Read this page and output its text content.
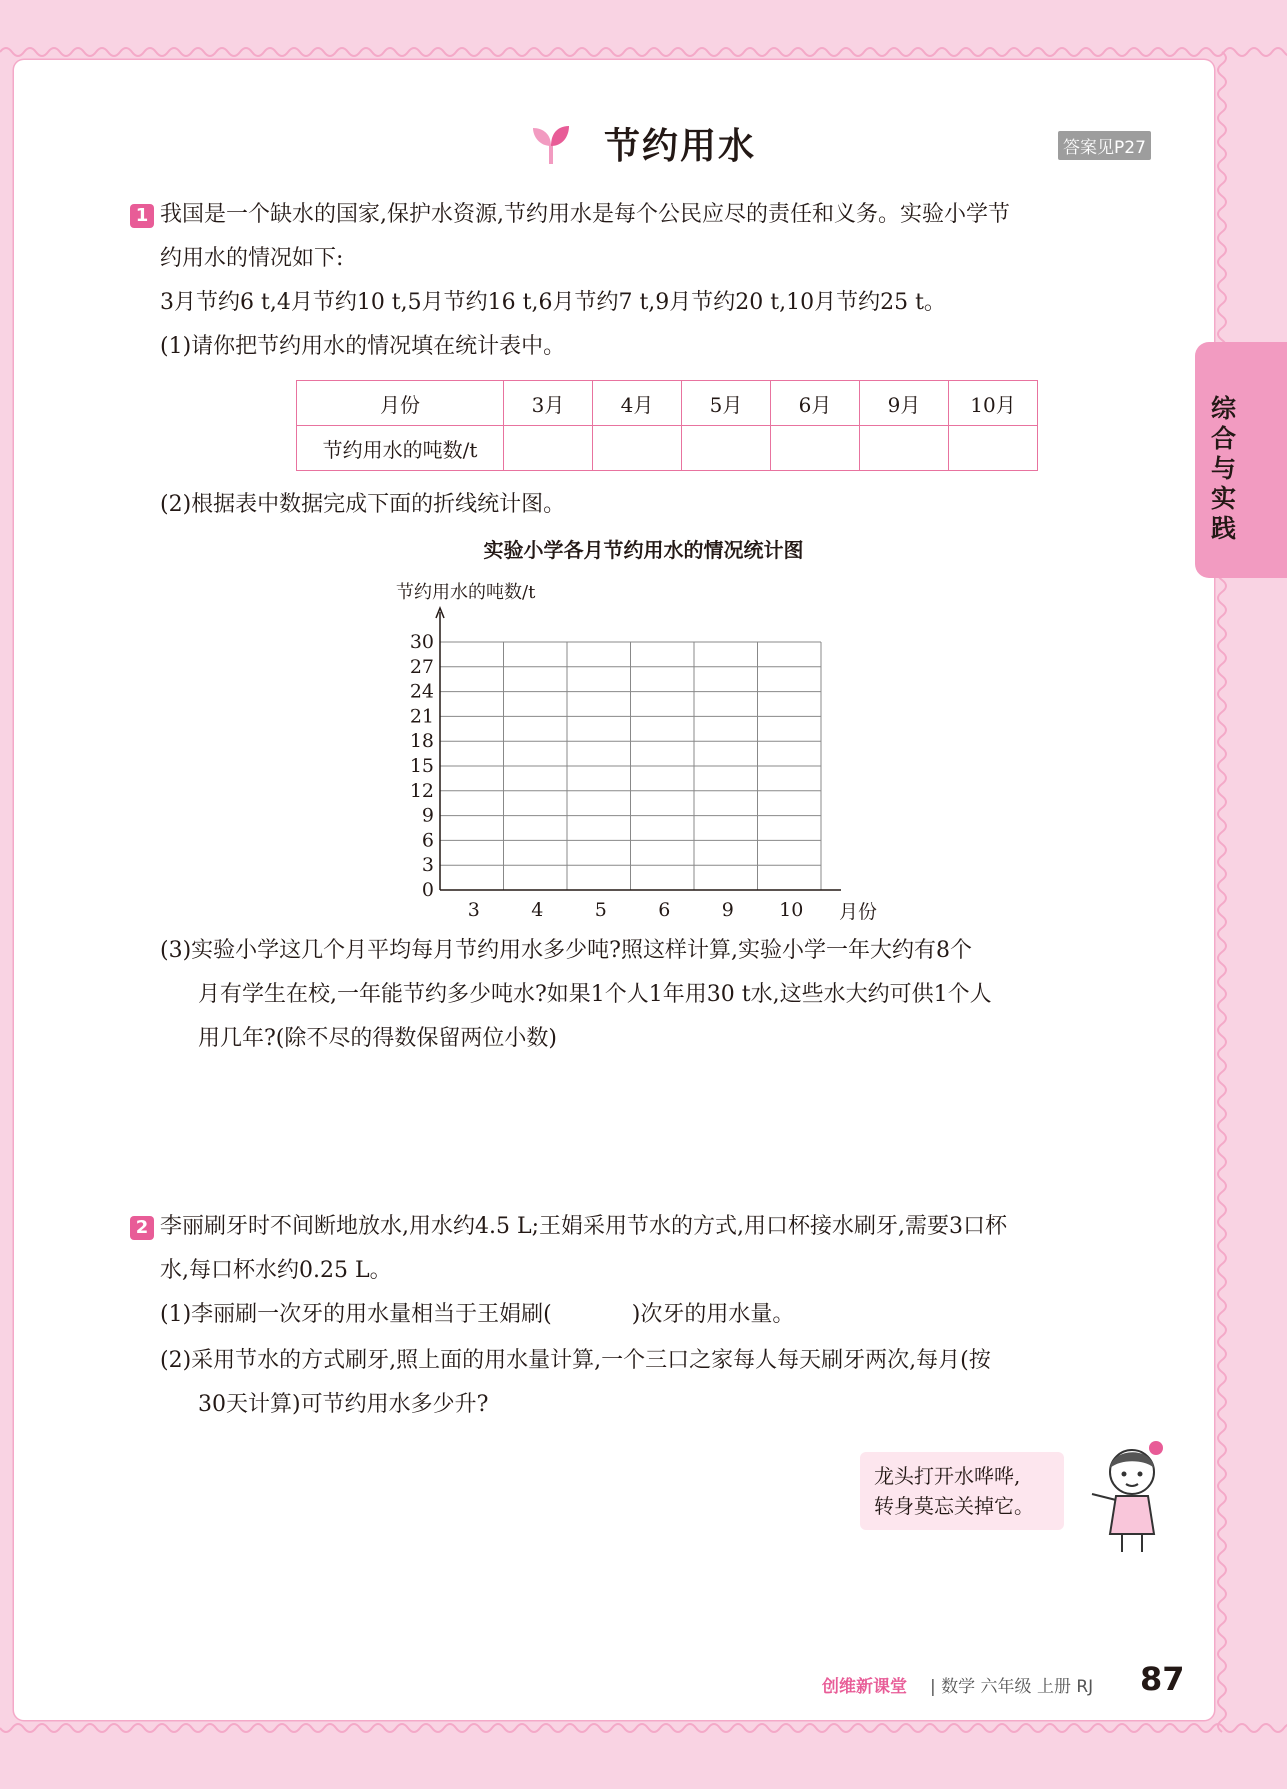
节约用水	答案见P27
综合与实践
1 我国是一个缺水的国家,保护水资源,节约用水是每个公民应尽的责任和义务。实验小学节
约用水的情况如下:
3月节约6 t,4月节约10 t,5月节约16 t,6月节约7 t,9月节约20 t,10月节约25 t。
(1)请你把节约用水的情况填在统计表中。
月份	3月	4月	5月	6月	9月	10月
节约用水的吨数/t						
(2)根据表中数据完成下面的折线统计图。
实验小学各月节约用水的情况统计图
节约用水的吨数/t
0
3
6
9
12
15
18
21
24
27
30
3	4	5	6	9 10 月份
(3)实验小学这几个月平均每月节约用水多少吨?照这样计算,实验小学一年大约有8个
月有学生在校,一年能节约多少吨水?如果1个人1年用30 t水,这些水大约可供1个人
用几年?(除不尽的得数保留两位小数)
2 李丽刷牙时不间断地放水,用水约4.5 L;王娟采用节水的方式,用口杯接水刷牙,需要3口杯
水,每口杯水约0.25 L。
(1)李丽刷一次牙的用水量相当于王娟刷(	)次牙的用水量。
(2)采用节水的方式刷牙,照上面的用水量计算,一个三口之家每人每天刷牙两次,每月(按
30天计算)可节约用水多少升?
龙头打开水哗哗,
转身莫忘关掉它。
创维新课堂 | 数学 六年级 上册 RJ 87
